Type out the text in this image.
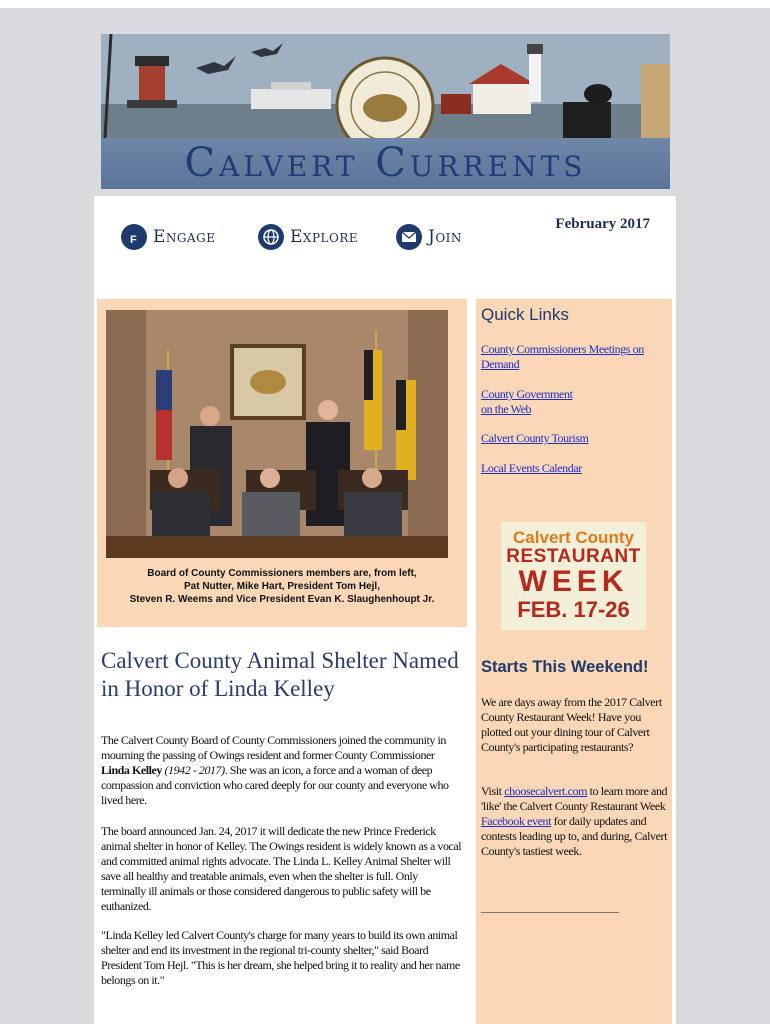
Calvert Currents
f Engage	Explore	Join
February 2017
Board of County Commissioners members are, from left,
Pat Nutter, Mike Hart, President Tom Hejl,
Steven R. Weems and Vice President Evan K. Slaughenhoupt Jr.
Quick Links
County Commissioners Meetings on
Demand
County Government
on the Web
Calvert County Tourism
Local Events Calendar
Calvert County
RESTAURANT
WEEK
FEB. 17-26
Starts This Weekend!
We are days away from the 2017 Calvert County Restaurant Week! Have you plotted out your dining tour of Calvert County's participating restaurants?
Visit choosecalvert.com to learn more and 'like' the Calvert County Restaurant Week
Facebook event for daily updates and contests leading up to, and during, Calvert County's tastiest week.
_______________________
Calvert County Animal Shelter Named in Honor of Linda Kelley
The Calvert County Board of County Commissioners joined the community in mourning the passing of Owings resident and former County Commissioner Linda Kelley (1942 - 2017). She was an icon, a force and a woman of deep compassion and conviction who cared deeply for our county and everyone who lived here.
The board announced Jan. 24, 2017 it will dedicate the new Prince Frederick animal shelter in honor of Kelley. The Owings resident is widely known as a vocal and committed animal rights advocate. The Linda L. Kelley Animal Shelter will save all healthy and treatable animals, even when the shelter is full. Only terminally ill animals or those considered dangerous to public safety will be euthanized.
"Linda Kelley led Calvert County's charge for many years to build its own animal shelter and end its investment in the regional tri-county shelter," said Board President Tom Hejl. "This is her dream, she helped bring it to reality and her name belongs on it."
